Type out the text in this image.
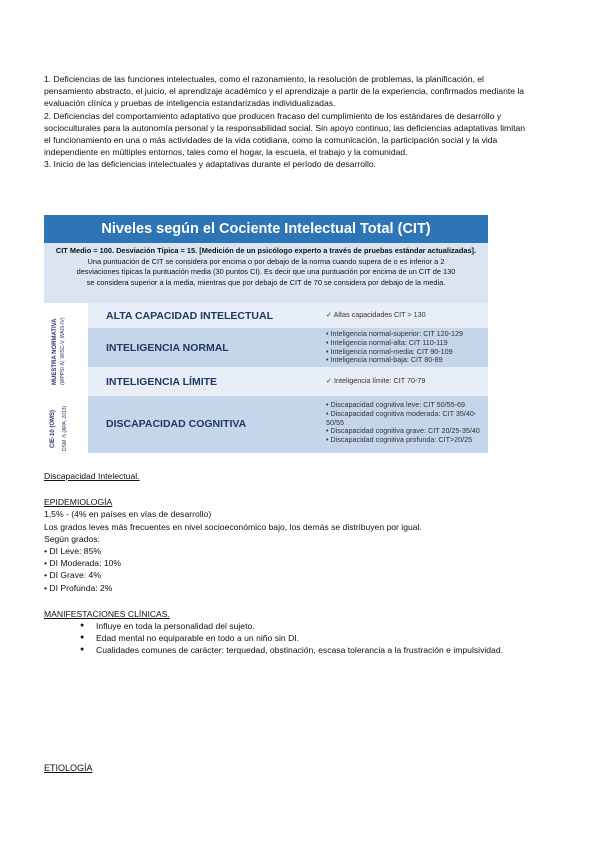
1. Deficiencias de las funciones intelectuales, como el razonamiento, la resolución de problemas, la planificación, el pensamiento abstracto, el juicio, el aprendizaje académico y el aprendizaje a partir de la experiencia, confirmados mediante la evaluación clínica y pruebas de inteligencia estandarizadas individualizadas.

2. Deficiencias del comportamiento adaptativo que producen fracaso del cumplimiento de los estándares de desarrollo y socioculturales para la autonomía personal y la responsabilidad social. Sin apoyo continuo, las deficiencias adaptativas limitan el funcionamiento en una o más actividades de la vida cotidiana, como la comunicación, la participación social y la vida independiente en múltiples entornos, tales como el hogar, la escuela, el trabajo y la comunidad.

3. Inicio de las deficiencias intelectuales y adaptativas durante el período de desarrollo.

Niveles según el Cociente Intelectual Total (CIT)
CIT Medio = 100. Desviación Típica = 15. [Medición de un psicólogo experto a través de pruebas estándar actualizadas].
Una puntuación de CIT se considera por encima o por debajo de la norma cuando supera de o es inferior a 2
desviaciones típicas la puntuación media (30 puntos CI). Es decir que una puntuación por encima de un CIT de 130
se considera superior a la media, mientras que por debajo de CIT de 70 se considera por debajo de la media.
MUESTRA NORMATIVA (WPPSI-IV, WISC-V, WAIS-IV)
CIE-10 (OMS) DSM -5 (APA, 2013)
ALTA CAPACIDAD INTELECTUAL	✓ Altas capacidades CIT > 130
INTELIGENCIA NORMAL
• Inteligencia normal-superior: CIT 120-129
• Inteligencia normal-alta: CIT 110-119
• Inteligencia normal-media: CIT 90-109
• Inteligencia normal-baja: CIT 80-89
INTELIGENCIA LÍMITE	✓ Inteligencia límite: CIT 70-79
DISCAPACIDAD COGNITIVA
• Discapacidad cognitiva leve: CIT 50/55-69
• Discapacidad cognitiva moderada: CIT 35/40-
50/55
• Discapacidad cognitiva grave: CIT 20/25-35/40
• Discapacidad cognitiva profunda: CIT>20/25
Discapacidad Intelectual.
EPIDEMIOLOGÍA
1,5% - (4% en países en vías de desarrollo)
Los grados leves más frecuentes en nivel socioeconómico bajo, los demás se distribuyen por igual.
Según grados:
• DI Leve: 85%
• DI Moderada: 10%
• DI Grave: 4%
• DI Profunda: 2%
MANIFESTACIONES CLÍNICAS.
● Influye en toda la personalidad del sujeto.
● Edad mental no equiparable en todo a un niño sin DI.
● Cualidades comunes de carácter: terquedad, obstinación, escasa tolerancia a la frustración e impulsividad.
ETIOLOGÍA
